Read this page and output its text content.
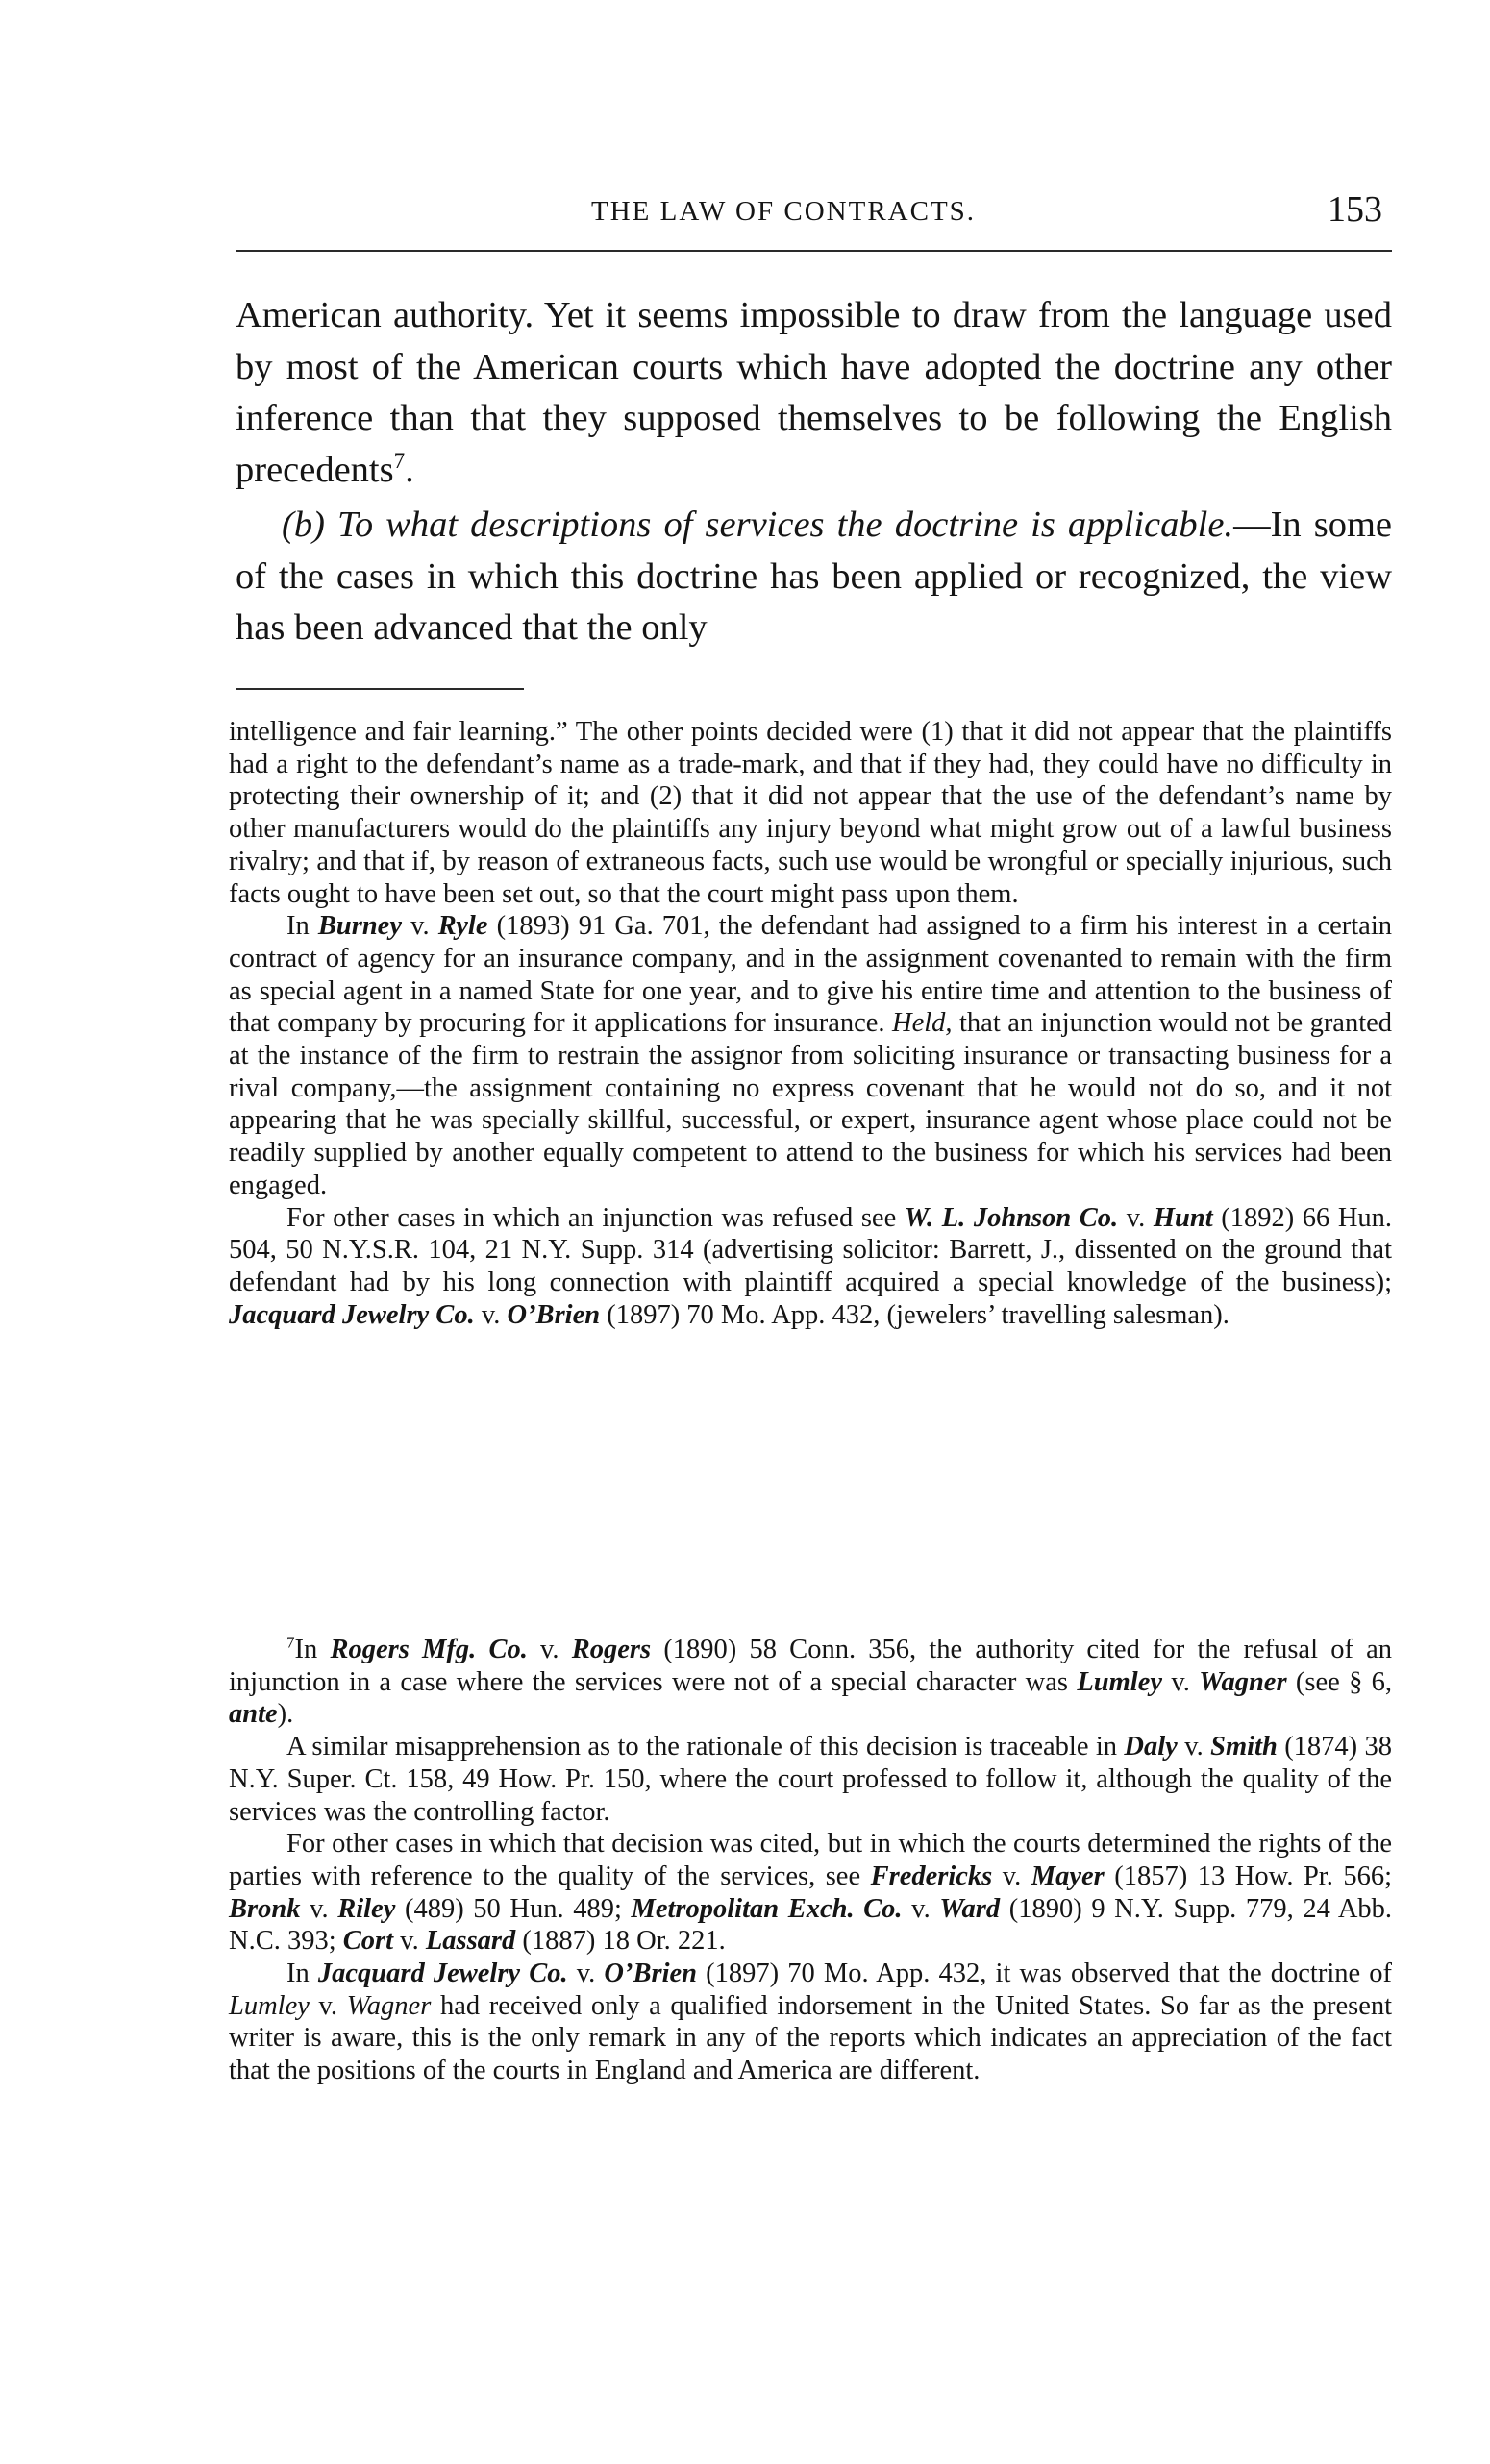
THE LAW OF CONTRACTS.	153

American authority. Yet it seems impossible to draw from the language used by most of the American courts which have adopted the doctrine any other inference than that they supposed themselves to be following the English precedents$^7$.

(b) To what descriptions of services the doctrine is applicable.—In some of the cases in which this doctrine has been applied or recognized, the view has been advanced that the only

intelligence and fair learning.” The other points decided were (1) that it did not appear that the plaintiffs had a right to the defendant’s name as a trade-mark, and that if they had, they could have no difficulty in protecting their ownership of it; and (2) that it did not appear that the use of the defendant’s name by other manufacturers would do the plaintiffs any injury beyond what might grow out of a lawful business rivalry; and that if, by reason of extraneous facts, such use would be wrongful or specially injurious, such facts ought to have been set out, so that the court might pass upon them.

In Burney v. Ryle (1893) 91 Ga. 701, the defendant had assigned to a firm his interest in a certain contract of agency for an insurance company, and in the assignment covenanted to remain with the firm as special agent in a named State for one year, and to give his entire time and attention to the business of that company by procuring for it applications for insurance. Held, that an injunction would not be granted at the instance of the firm to restrain the assignor from soliciting insurance or transacting business for a rival company,—the assignment containing no express covenant that he would not do so, and it not appearing that he was specially skillful, successful, or expert, insurance agent whose place could not be readily supplied by another equally competent to attend to the business for which his services had been engaged.

For other cases in which an injunction was refused see W. L. Johnson Co. v. Hunt (1892) 66 Hun. 504, 50 N.Y.S.R. 104, 21 N.Y. Supp. 314 (advertising solicitor: Barrett, J., dissented on the ground that defendant had by his long connection with plaintiff acquired a special knowledge of the business); Jacquard Jewelry Co. v. O’Brien (1897) 70 Mo. App. 432, (jewelers’ travelling salesman).

$^7$In Rogers Mfg. Co. v. Rogers (1890) 58 Conn. 356, the authority cited for the refusal of an injunction in a case where the services were not of a special character was Lumley v. Wagner (see § 6, ante).

A similar misapprehension as to the rationale of this decision is traceable in Daly v. Smith (1874) 38 N.Y. Super. Ct. 158, 49 How. Pr. 150, where the court professed to follow it, although the quality of the services was the controlling factor.

For other cases in which that decision was cited, but in which the courts determined the rights of the parties with reference to the quality of the services, see Fredericks v. Mayer (1857) 13 How. Pr. 566; Bronk v. Riley (489) 50 Hun. 489; Metropolitan Exch. Co. v. Ward (1890) 9 N.Y. Supp. 779, 24 Abb. N.C. 393; Cort v. Lassard (1887) 18 Or. 221.

In Jacquard Jewelry Co. v. O’Brien (1897) 70 Mo. App. 432, it was observed that the doctrine of Lumley v. Wagner had received only a qualified indorsement in the United States. So far as the present writer is aware, this is the only remark in any of the reports which indicates an appreciation of the fact that the positions of the courts in England and America are different.
